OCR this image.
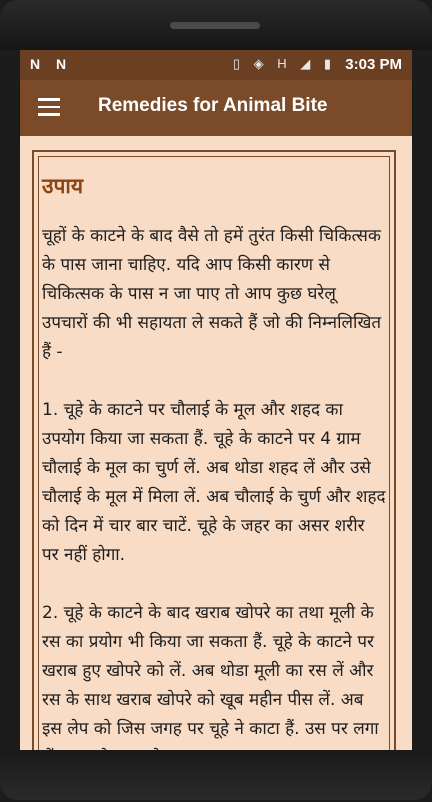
N N	▯ ◈ H ◢ ▮ 3:03 PM
Remedies for Animal Bite
उपाय

चूहों के काटने के बाद वैसे तो हमें तुरंत किसी चिकित्सक के पास जाना चाहिए. यदि आप किसी कारण से चिकित्सक के पास न जा पाए तो आप कुछ घरेलू उपचारों की भी सहायता ले सकते हैं जो की निम्नलिखित हैं -

1. चूहे के काटने पर चौलाई के मूल और शहद का उपयोग किया जा सकता हैं. चूहे के काटने पर 4 ग्राम चौलाई के मूल का चुर्ण लें. अब थोडा शहद लें और उसे चौलाई के मूल में मिला लें. अब चौलाई के चुर्ण और शहद को दिन में चार बार चाटें. चूहे के जहर का असर शरीर पर नहीं होगा.

2. चूहे के काटने के बाद खराब खोपरे का तथा मूली के रस का प्रयोग भी किया जा सकता हैं. चूहे के काटने पर खराब हुए खोपरे को लें. अब थोडा मूली का रस लें और रस के साथ खराब खोपरे को खूब महीन पीस लें. अब इस लेप को जिस जगह पर चूहे ने काटा हैं. उस पर लगा
